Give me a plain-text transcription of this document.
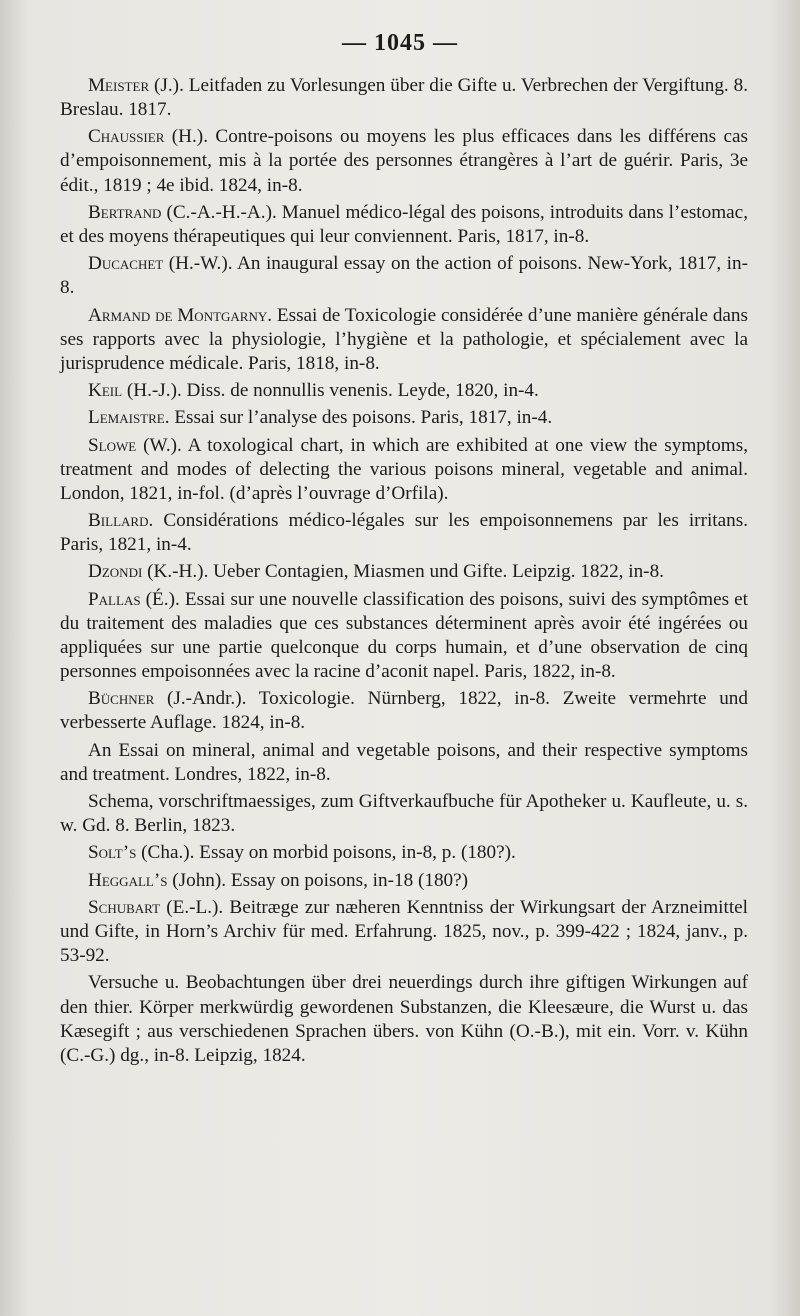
— 1045 —

Meister (J.). Leitfaden zu Vorlesungen über die Gifte u. Verbrechen der Vergiftung. 8. Breslau. 1817.

Chaussier (H.). Contre-poisons ou moyens les plus efficaces dans les différens cas d’empoisonnement, mis à la portée des personnes étrangères à l’art de guérir. Paris, 3e édit., 1819 ; 4e ibid. 1824, in-8.

Bertrand (C.-A.-H.-A.). Manuel médico-légal des poisons, introduits dans l’estomac, et des moyens thérapeutiques qui leur conviennent. Paris, 1817, in-8.

Ducachet (H.-W.). An inaugural essay on the action of poisons. New-York, 1817, in-8.

Armand de Montgarny. Essai de Toxicologie considérée d’une manière générale dans ses rapports avec la physiologie, l’hygiène et la pathologie, et spécialement avec la jurisprudence médicale. Paris, 1818, in-8.

Keil (H.-J.). Diss. de nonnullis venenis. Leyde, 1820, in-4.

Lemaistre. Essai sur l’analyse des poisons. Paris, 1817, in-4.

Slowe (W.). A toxological chart, in which are exhibited at one view the symptoms, treatment and modes of delecting the various poisons mineral, vegetable and animal. London, 1821, in-fol. (d’après l’ouvrage d’Orfila).

Billard. Considérations médico-légales sur les empoisonnemens par les irritans. Paris, 1821, in-4.

Dzondi (K.-H.). Ueber Contagien, Miasmen und Gifte. Leipzig. 1822, in-8.

Pallas (É.). Essai sur une nouvelle classification des poisons, suivi des symptômes et du traitement des maladies que ces substances déterminent après avoir été ingérées ou appliquées sur une partie quelconque du corps humain, et d’une observation de cinq personnes empoisonnées avec la racine d’aconit napel. Paris, 1822, in-8.

Büchner (J.-Andr.). Toxicologie. Nürnberg, 1822, in-8. Zweite vermehrte und verbesserte Auflage. 1824, in-8.

An Essai on mineral, animal and vegetable poisons, and their respective symptoms and treatment. Londres, 1822, in-8.

Schema, vorschriftmaessiges, zum Giftverkaufbuche für Apotheker u. Kaufleute, u. s. w. Gd. 8. Berlin, 1823.

Solt’s (Cha.). Essay on morbid poisons, in-8, p. (180?).

Heggall’s (John). Essay on poisons, in-18 (180?)

Schubart (E.-L.). Beitræge zur næheren Kenntniss der Wirkungsart der Arzneimittel und Gifte, in Horn’s Archiv für med. Erfahrung. 1825, nov., p. 399-422 ; 1824, janv., p. 53-92.

Versuche u. Beobachtungen über drei neuerdings durch ihre giftigen Wirkungen auf den thier. Körper merkwürdig gewordenen Substanzen, die Kleesæure, die Wurst u. das Kæsegift ; aus verschiedenen Sprachen übers. von Kühn (O.-B.), mit ein. Vorr. v. Kühn (C.-G.) dg., in-8. Leipzig, 1824.
